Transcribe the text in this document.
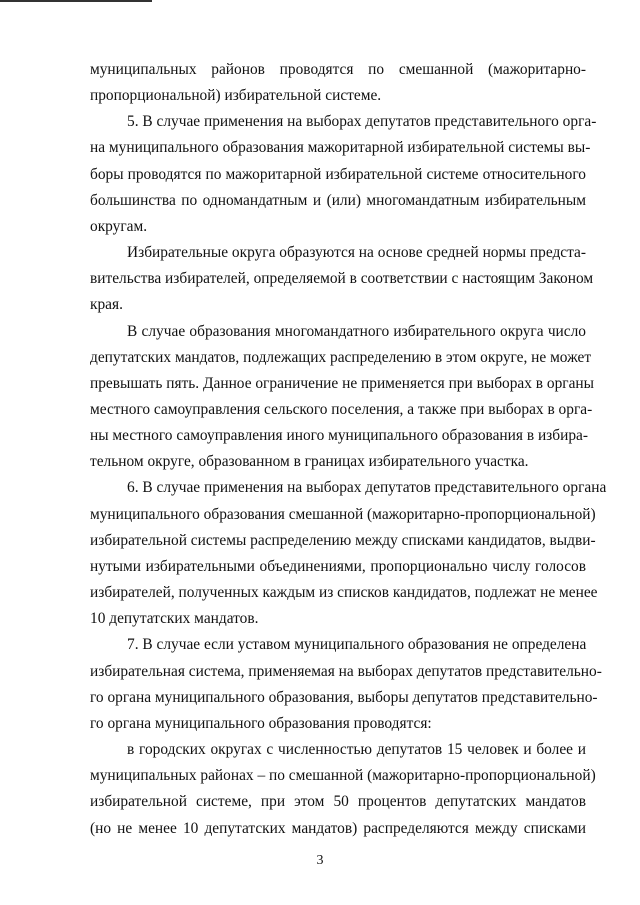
муниципальных районов проводятся по смешанной (мажоритарно-
пропорциональной) избирательной системе.
5. В случае применения на выборах депутатов представительного орга-
на муниципального образования мажоритарной избирательной системы вы-
боры проводятся по мажоритарной избирательной системе относительного
большинства по одномандатным и (или) многомандатным избирательным
округам.
Избирательные округа образуются на основе средней нормы предста-
вительства избирателей, определяемой в соответствии с настоящим Законом
края.
В случае образования многомандатного избирательного округа число
депутатских мандатов, подлежащих распределению в этом округе, не может
превышать пять. Данное ограничение не применяется при выборах в органы
местного самоуправления сельского поселения, а также при выборах в орга-
ны местного самоуправления иного муниципального образования в избира-
тельном округе, образованном в границах избирательного участка.
6. В случае применения на выборах депутатов представительного органа
муниципального образования смешанной (мажоритарно-пропорциональной)
избирательной системы распределению между списками кандидатов, выдви-
нутыми избирательными объединениями, пропорционально числу голосов
избирателей, полученных каждым из списков кандидатов, подлежат не менее
10 депутатских мандатов.
7. В случае если уставом муниципального образования не определена
избирательная система, применяемая на выборах депутатов представительно-
го органа муниципального образования, выборы депутатов представительно-
го органа муниципального образования проводятся:
в городских округах с численностью депутатов 15 человек и более и
муниципальных районах – по смешанной (мажоритарно-пропорциональной)
избирательной системе, при этом 50 процентов депутатских мандатов
(но не менее 10 депутатских мандатов) распределяются между списками
3
